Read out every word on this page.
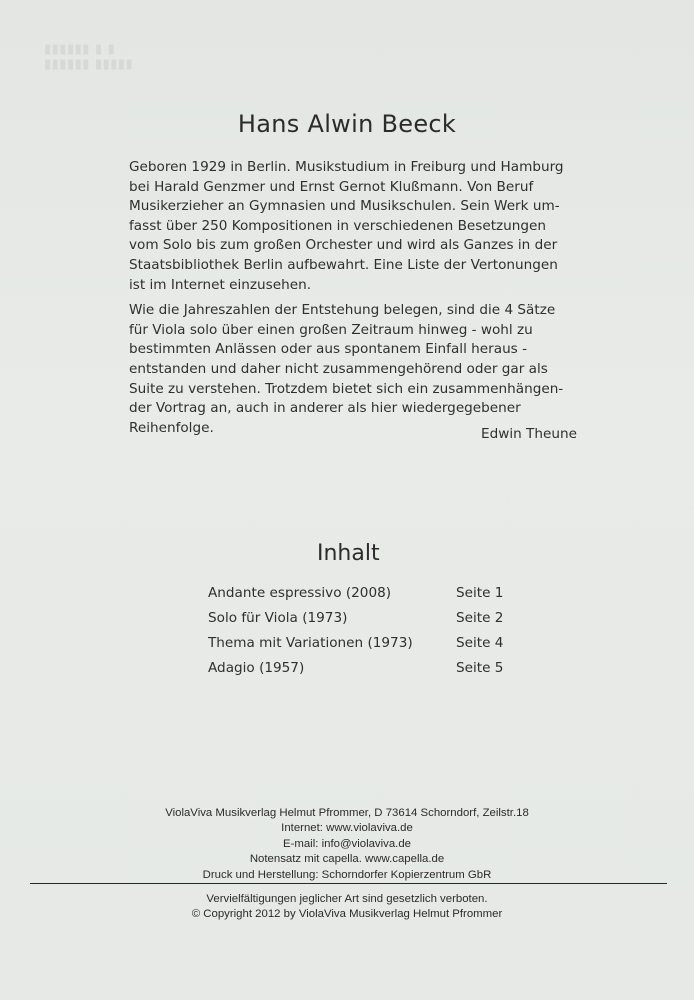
▮▮▮▮▮▮ ▮ ▮
▮▮▮▮▮▮ ▮▮▮▮▮
Hans Alwin Beeck
Geboren 1929 in Berlin. Musikstudium in Freiburg und Hamburg
bei Harald Genzmer und Ernst Gernot Klußmann. Von Beruf
Musikerzieher an Gymnasien und Musikschulen. Sein Werk um-
fasst über 250 Kompositionen in verschiedenen Besetzungen
vom Solo bis zum großen Orchester und wird als Ganzes in der
Staatsbibliothek Berlin aufbewahrt. Eine Liste der Vertonungen
ist im Internet einzusehen.
Wie die Jahreszahlen der Entstehung belegen, sind die 4 Sätze
für Viola solo über einen großen Zeitraum hinweg - wohl zu
bestimmten Anlässen oder aus spontanem Einfall heraus -
entstanden und daher nicht zusammengehörend oder gar als
Suite zu verstehen. Trotzdem bietet sich ein zusammenhängen-
der Vortrag an, auch in anderer als hier wiedergegebener
Reihenfolge.	Edwin Theune
Inhalt
Andante espressivo (2008)	Seite 1
Solo für Viola (1973)	Seite 2
Thema mit Variationen (1973)	Seite 4
Adagio (1957)	Seite 5
ViolaViva Musikverlag Helmut Pfrommer, D 73614 Schorndorf, Zeilstr.18
Internet: www.violaviva.de
E-mail: info@violaviva.de
Notensatz mit capella. www.capella.de
Druck und Herstellung: Schorndorfer Kopierzentrum GbR
Vervielfältigungen jeglicher Art sind gesetzlich verboten.
© Copyright 2012 by ViolaViva Musikverlag Helmut Pfrommer
